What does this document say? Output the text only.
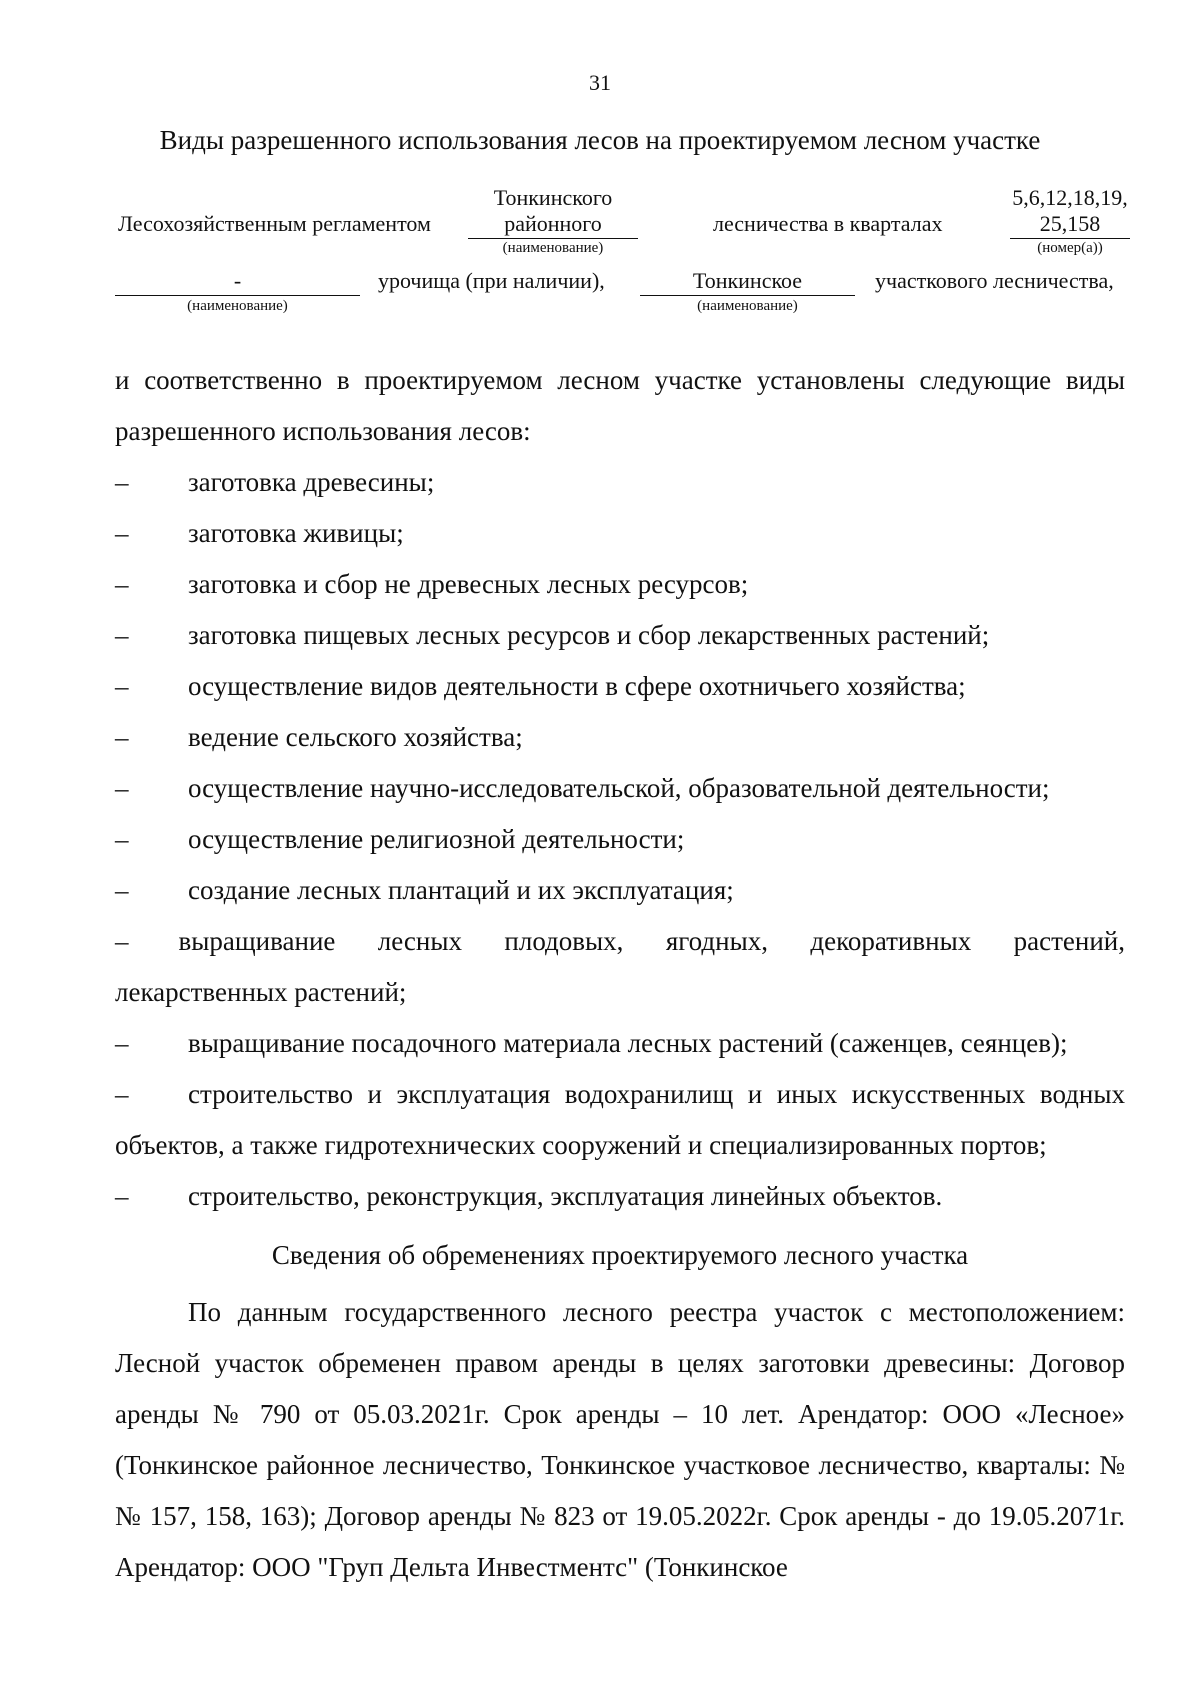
31
Виды разрешенного использования лесов на проектируемом лесном участке
Лесохозяйственным регламентом
Тонкинского
районного
(наименование)
лесничества в кварталах
5,6,12,18,19,
25,158
(номер(а))
-
(наименование)
урочища (при наличии),	Тонкинское
(наименование)
участкового лесничества,

и соответственно в проектируемом лесном участке установлены следующие виды разрешенного использования лесов:

– заготовка древесины;
– заготовка живицы;
– заготовка и сбор не древесных лесных ресурсов;
– заготовка пищевых лесных ресурсов и сбор лекарственных растений;
– осуществление видов деятельности в сфере охотничьего хозяйства;
– ведение сельского хозяйства;
– осуществление научно-исследовательской, образовательной деятельности;
– осуществление религиозной деятельности;
– создание лесных плантаций и их эксплуатация;
– выращивание лесных плодовых, ягодных, декоративных растений,
лекарственных растений;
– выращивание посадочного материала лесных растений (саженцев, сеянцев);
– строительство и эксплуатация водохранилищ и иных искусственных водных объектов, а также гидротехнических сооружений и специализированных портов;
– строительство, реконструкция, эксплуатация линейных объектов.

Сведения об обременениях проектируемого лесного участка

По данным государственного лесного реестра участок с местоположением: Лесной участок обременен правом аренды в целях заготовки древесины: Договор аренды № 790 от 05.03.2021г. Срок аренды – 10 лет. Арендатор: ООО «Лесное» (Тонкинское районное лесничество, Тонкинское участковое лесничество, кварталы: №№ 157, 158, 163); Договор аренды № 823 от 19.05.2022г. Срок аренды - до 19.05.2071г. Арендатор: ООО "Груп Дельта Инвестментс" (Тонкинское
